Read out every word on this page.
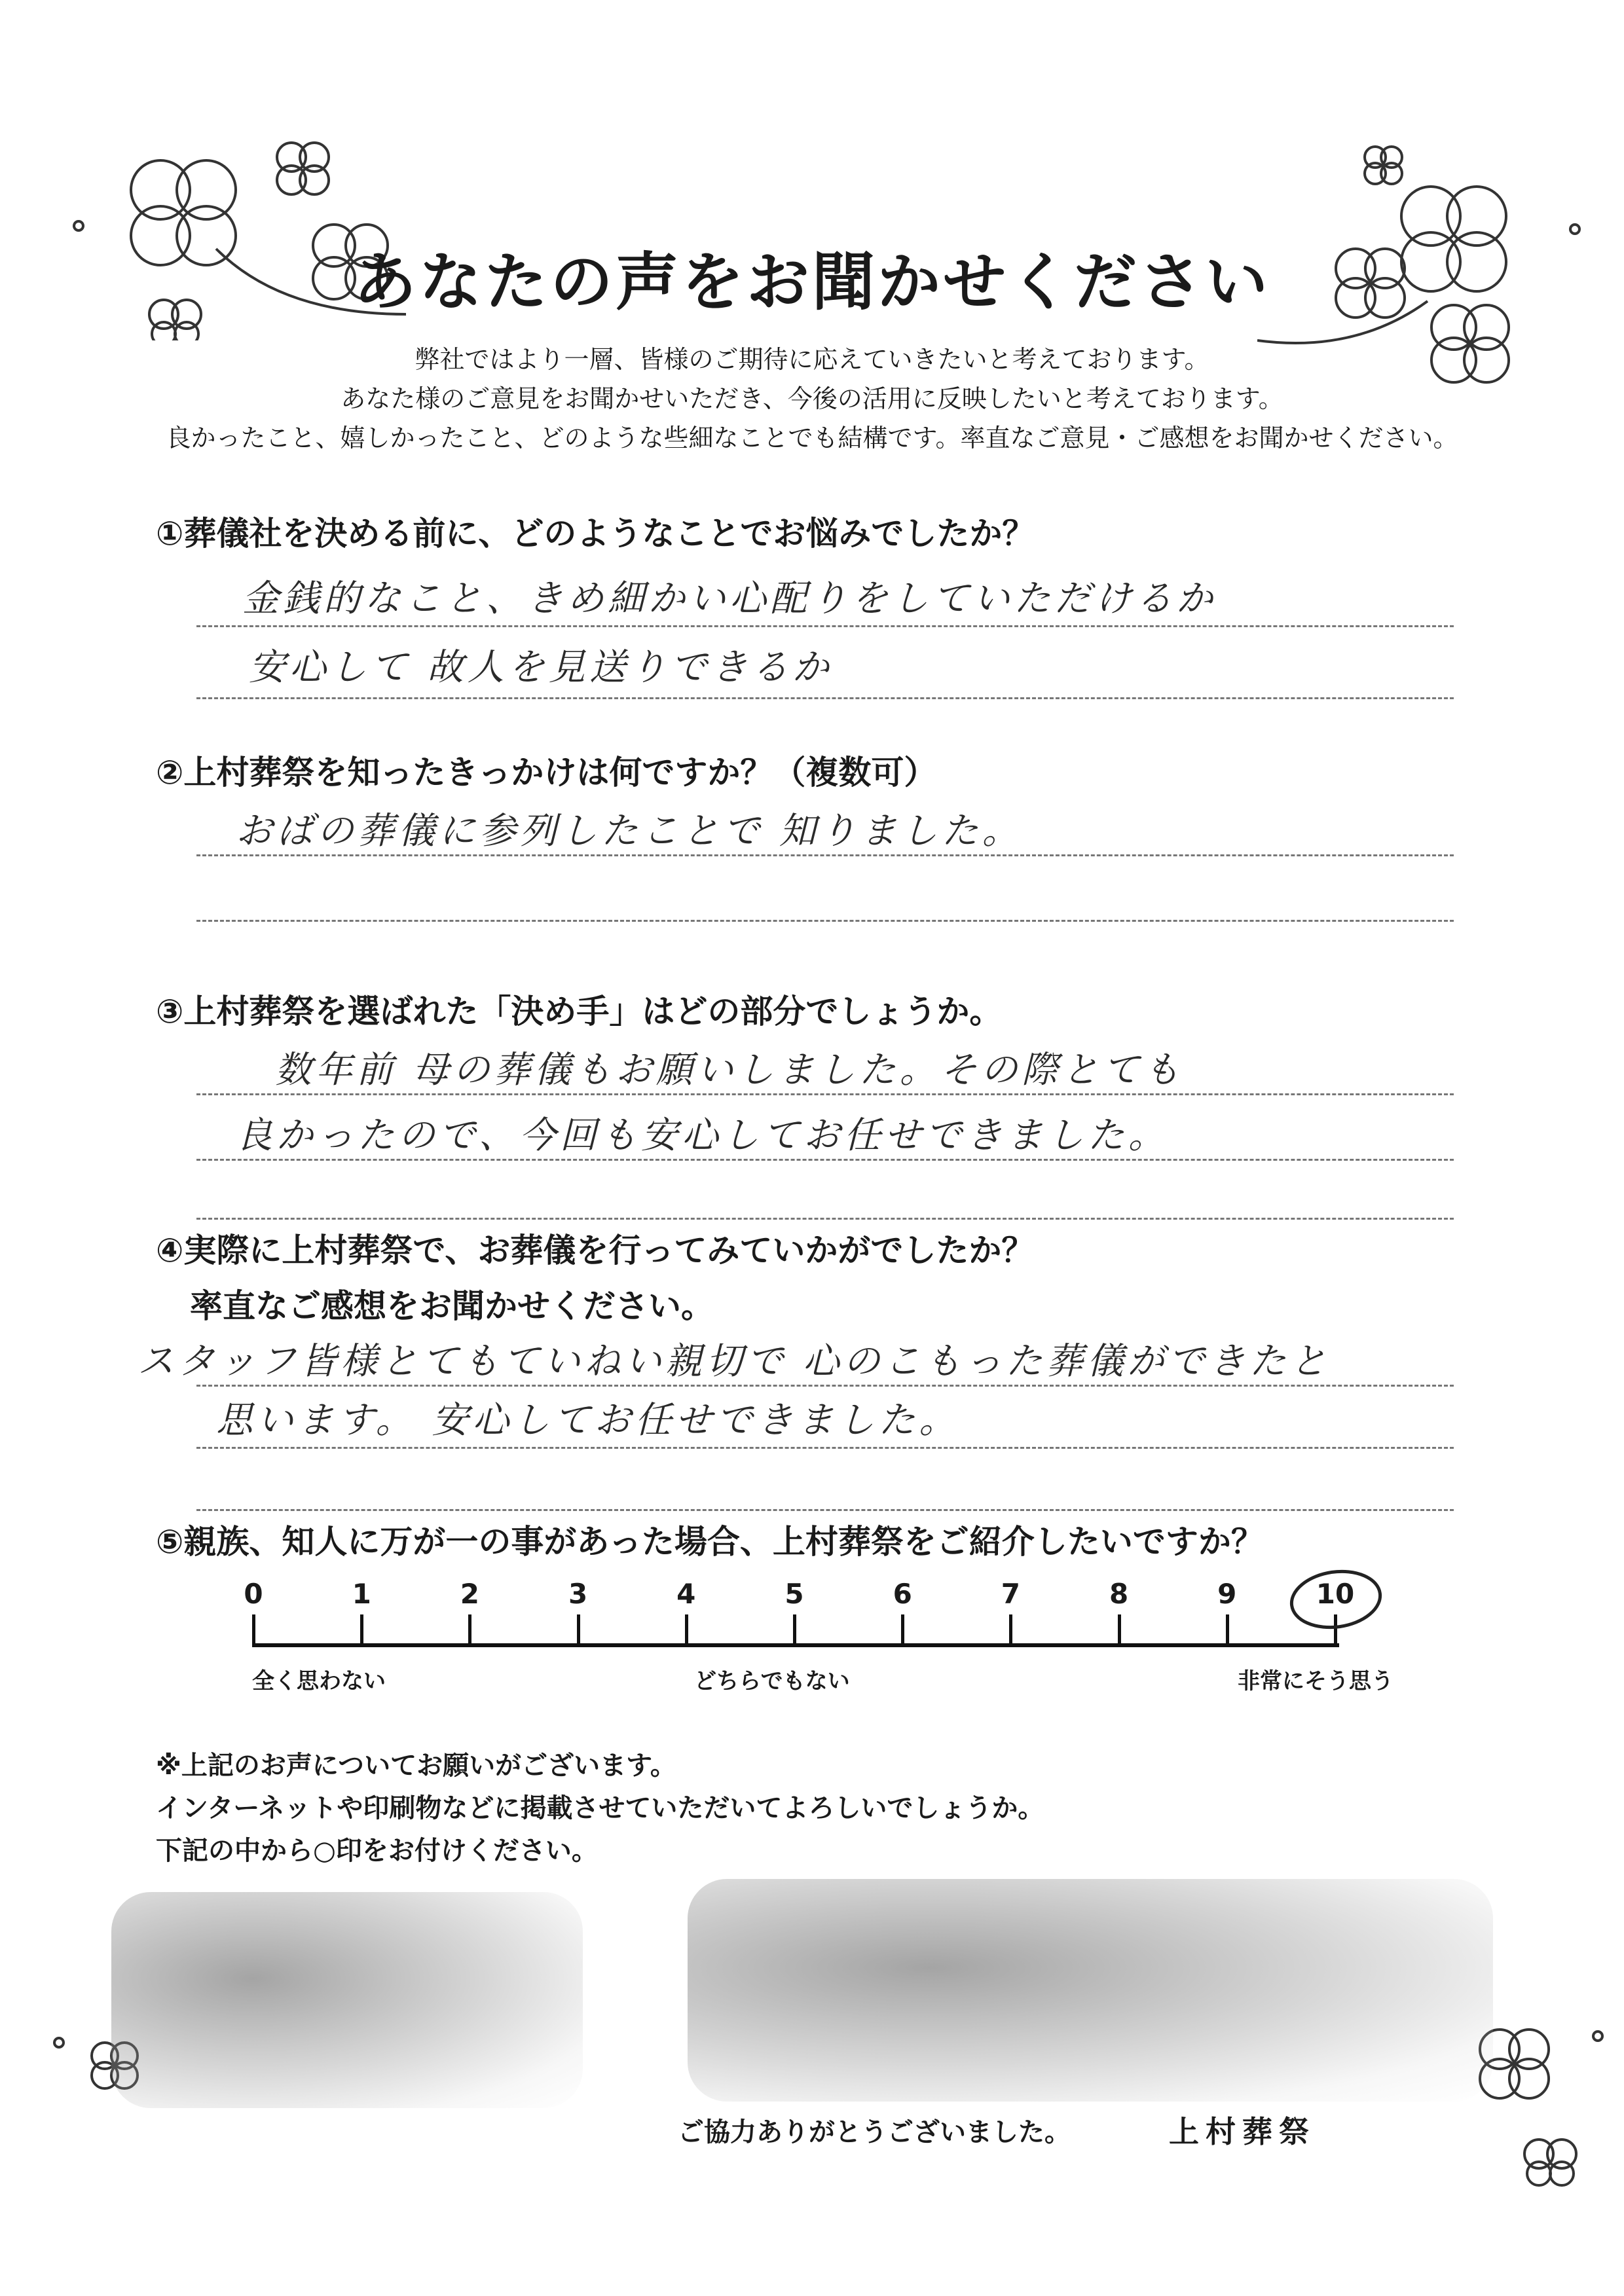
あなたの声をお聞かせください
弊社ではより一層、皆様のご期待に応えていきたいと考えております。
あなた様のご意見をお聞かせいただき、今後の活用に反映したいと考えております。
良かったこと、嬉しかったこと、どのような些細なことでも結構です。率直なご意見・ご感想をお聞かせください。
①葬儀社を決める前に、どのようなことでお悩みでしたか？
金銭的なこと、きめ細かい心配りをしていただけるか
安心して 故人を見送りできるか
②上村葬祭を知ったきっかけは何ですか？（複数可）
おばの葬儀に参列したことで 知りました。
③上村葬祭を選ばれた「決め手」はどの部分でしょうか。
数年前 母の葬儀もお願いしました。その際とても
良かったので、今回も安心してお任せできました。
④実際に上村葬祭で、お葬儀を行ってみていかがでしたか？
率直なご感想をお聞かせください。
スタッフ皆様とてもていねい親切で 心のこもった葬儀ができたと
思います。 安心してお任せできました。
⑤親族、知人に万が一の事があった場合、上村葬祭をご紹介したいですか？
0	1	2	3	4	5	6	7	8	9	10
全く思わない	どちらでもない	非常にそう思う
※上記のお声についてお願いがございます。
インターネットや印刷物などに掲載させていただいてよろしいでしょうか。
下記の中から○印をお付けください。
ご協力ありがとうございました。	上村葬祭
